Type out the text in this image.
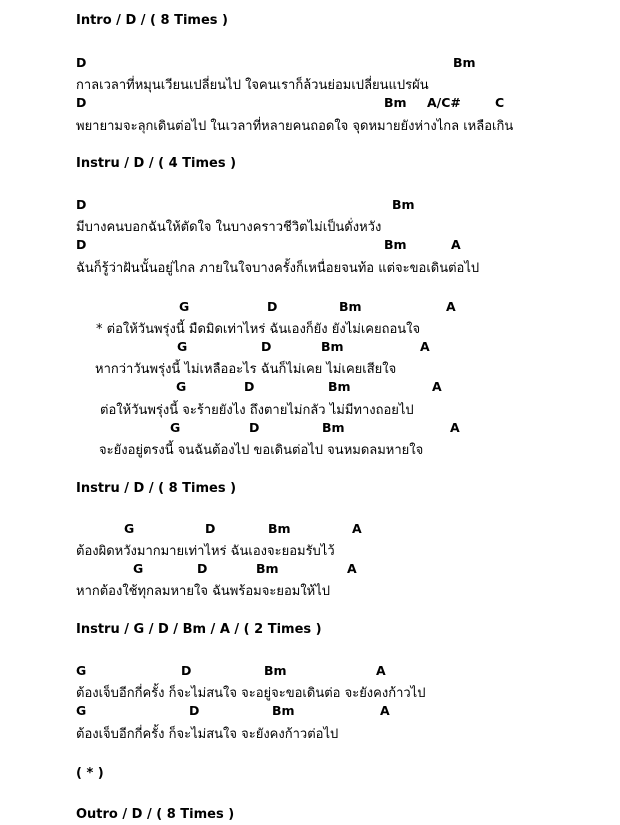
Intro / D / ( 8 Times )
D	Bm
กาลเวลาที่หมุนเวียนเปลี่ยนไป ใจคนเราก็ล้วนย่อมเปลี่ยนแปรผัน
D	Bm A/C#	C
พยายามจะลุกเดินต่อไป ในเวลาที่หลายคนถอดใจ จุดหมายยังห่างไกล เหลือเกิน
Instru / D / ( 4 Times )
D	Bm
มีบางคนบอกฉันให้ตัดใจ ในบางคราวชีวิตไม่เป็นดั่งหวัง
D	Bm	A
ฉันก็รู้ว่าฝันนั้นอยู่ไกล ภายในใจบางครั้งก็เหนื่อยจนท้อ แต่จะขอเดินต่อไป
G	D	Bm	A
* ต่อให้วันพรุ่งนี้ มืดมิดเท่าไหร่ ฉันเองก็ยัง ยังไม่เคยถอนใจ
G	D	Bm	A
หากว่าวันพรุ่งนี้ ไม่เหลืออะไร ฉันก็ไม่เคย ไม่เคยเสียใจ
G	D	Bm	A
ต่อให้วันพรุ่งนี้ จะร้ายยังไง ถึงตายไม่กลัว ไม่มีทางถอยไป
G	D	Bm	A
จะยังอยู่ตรงนี้ จนฉันต้องไป ขอเดินต่อไป จนหมดลมหายใจ
Instru / D / ( 8 Times )
G	D	Bm	A
ต้องผิดหวังมากมายเท่าไหร่ ฉันเองจะยอมรับไว้
G	D	Bm	A
หากต้องใช้ทุกลมหายใจ ฉันพร้อมจะยอมให้ไป
Instru / G / D / Bm / A / ( 2 Times )
G	D	Bm	A
ต้องเจ็บอีกกี่ครั้ง ก็จะไม่สนใจ จะอยู่จะขอเดินต่อ จะยังคงก้าวไป
G	D	Bm	A
ต้องเจ็บอีกกี่ครั้ง ก็จะไม่สนใจ จะยังคงก้าวต่อไป
( * )
Outro / D / ( 8 Times )
